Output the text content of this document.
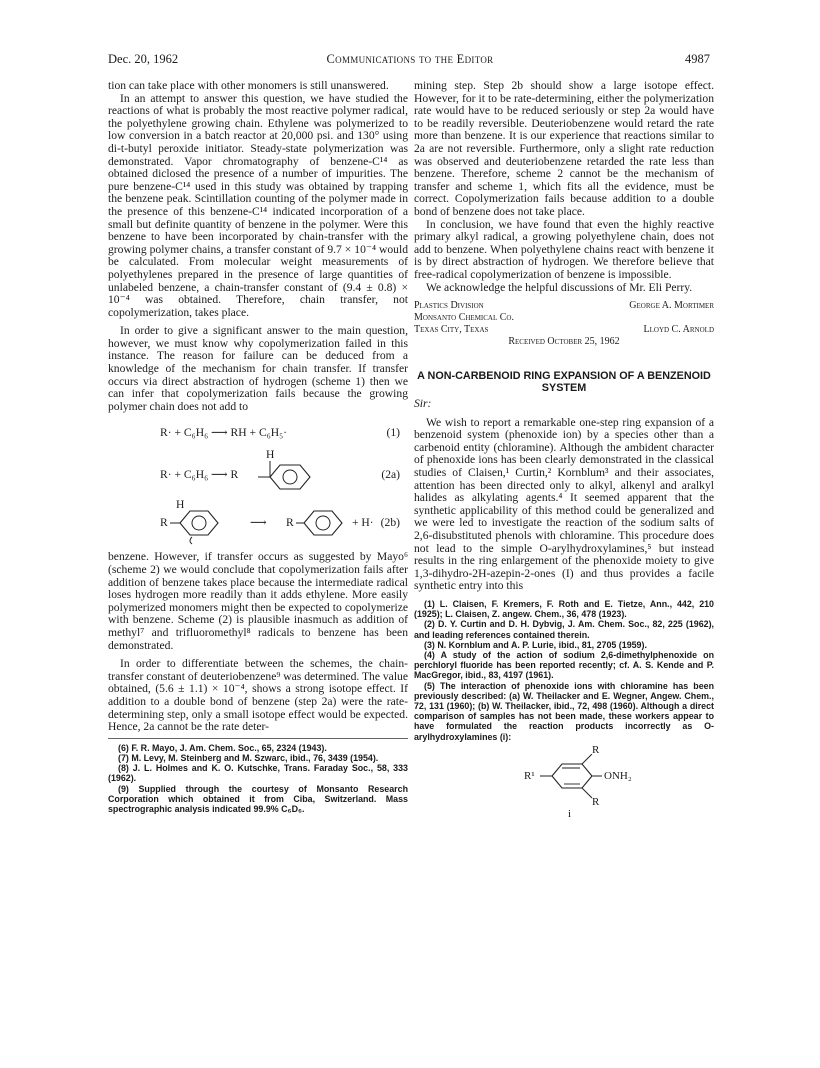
Dec. 20, 1962	Communications to the Editor	4987

tion can take place with other monomers is still unanswered.

In an attempt to answer this question, we have studied the reactions of what is probably the most reactive polymer radical, the polyethylene growing chain. Ethylene was polymerized to low conversion in a batch reactor at 20,000 psi. and 130° using di-t-butyl peroxide initiator. Steady-state polymerization was demonstrated. Vapor chromatography of benzene-C¹⁴ as obtained diclosed the presence of a number of impurities. The pure benzene-C¹⁴ used in this study was obtained by trapping the benzene peak. Scintillation counting of the polymer made in the presence of this benzene-C¹⁴ indicated incorporation of a small but definite quantity of benzene in the polymer. Were this benzene to have been incorporated by chain-transfer with the growing polymer chains, a transfer constant of 9.7 × 10⁻⁴ would be calculated. From molecular weight measurements of polyethylenes prepared in the presence of large quantities of unlabeled benzene, a chain-transfer constant of (9.4 ± 0.8) × 10⁻⁴ was obtained. Therefore, chain transfer, not copolymerization, takes place.

In order to give a significant answer to the main question, however, we must know why copolymerization failed in this instance. The reason for failure can be deduced from a knowledge of the mechanism for chain transfer. If transfer occurs via direct abstraction of hydrogen (scheme 1) then we can infer that copolymerization fails because the growing polymer chain does not add to

R· + C₆H₆ ⟶ RH + C₆H₅·	(1)
R· + C₆H₆ ⟶ R
H
(2a)
R
H
⟶ R	+ H· (2b)

benzene. However, if transfer occurs as suggested by Mayo⁶ (scheme 2) we would conclude that copolymerization fails after addition of benzene takes place because the intermediate radical loses hydrogen more readily than it adds ethylene. More easily polymerized monomers might then be expected to copolymerize with benzene. Scheme (2) is plausible inasmuch as addition of methyl⁷ and trifluoromethyl⁸ radicals to benzene has been demonstrated.

In order to differentiate between the schemes, the chain-transfer constant of deuteriobenzene⁹ was determined. The value obtained, (5.6 ± 1.1) × 10⁻⁴, shows a strong isotope effect. If addition to a double bond of benzene (step 2a) were the rate-determining step, only a small isotope effect would be expected. Hence, 2a cannot be the rate deter-

(6) F. R. Mayo, J. Am. Chem. Soc., 65, 2324 (1943).

(7) M. Levy, M. Steinberg and M. Szwarc, ibid., 76, 3439 (1954).

(8) J. L. Holmes and K. O. Kutschke, Trans. Faraday Soc., 58, 333 (1962).

(9) Supplied through the courtesy of Monsanto Research Corporation which obtained it from Ciba, Switzerland. Mass spectrographic analysis indicated 99.9% C₆D₆.

mining step. Step 2b should show a large isotope effect. However, for it to be rate-determining, either the polymerization rate would have to be reduced seriously or step 2a would have to be readily reversible. Deuteriobenzene would retard the rate more than benzene. It is our experience that reactions similar to 2a are not reversible. Furthermore, only a slight rate reduction was observed and deuteriobenzene retarded the rate less than benzene. Therefore, scheme 2 cannot be the mechanism of transfer and scheme 1, which fits all the evidence, must be correct. Copolymerization fails because addition to a double bond of benzene does not take place.

In conclusion, we have found that even the highly reactive primary alkyl radical, a growing polyethylene chain, does not add to benzene. When polyethylene chains react with benzene it is by direct abstraction of hydrogen. We therefore believe that free-radical copolymerization of benzene is impossible.

We acknowledge the helpful discussions of Mr. Eli Perry.

Plastics Division	George A. Mortimer
Monsanto Chemical Co.
Texas City, Texas	Lloyd C. Arnold
Received October 25, 1962
A NON-CARBENOID RING EXPANSION OF A BENZENOID SYSTEM
Sir:

We wish to report a remarkable one-step ring expansion of a benzenoid system (phenoxide ion) by a species other than a carbenoid entity (chloramine). Although the ambident character of phenoxide ions has been clearly demonstrated in the classical studies of Claisen,¹ Curtin,² Kornblum³ and their associates, attention has been directed only to alkyl, alkenyl and aralkyl halides as alkylating agents.⁴ It seemed apparent that the synthetic applicability of this method could be generalized and we were led to investigate the reaction of the sodium salts of 2,6-disubstituted phenols with chloramine. This procedure does not lead to the simple O-arylhydroxylamines,⁵ but instead results in the ring enlargement of the phenoxide moiety to give 1,3-dihydro-2H-azepin-2-ones (I) and thus provides a facile synthetic entry into this

(1) L. Claisen, F. Kremers, F. Roth and E. Tietze, Ann., 442, 210 (1925); L. Claisen, Z. angew. Chem., 36, 478 (1923).

(2) D. Y. Curtin and D. H. Dybvig, J. Am. Chem. Soc., 82, 225 (1962), and leading references contained therein.

(3) N. Kornblum and A. P. Lurie, ibid., 81, 2705 (1959).

(4) A study of the action of sodium 2,6-dimethylphenoxide on perchloryl fluoride has been reported recently; cf. A. S. Kende and P. MacGregor, ibid., 83, 4197 (1961).

(5) The interaction of phenoxide ions with chloramine has been previously described: (a) W. Theilacker and E. Wegner, Angew. Chem., 72, 131 (1960); (b) W. Theilacker, ibid., 72, 498 (1960). Although a direct comparison of samples has not been made, these workers appear to have formulated the reaction products incorrectly as O-arylhydroxylamines (i):

R
R¹	ONH₂
R
i
